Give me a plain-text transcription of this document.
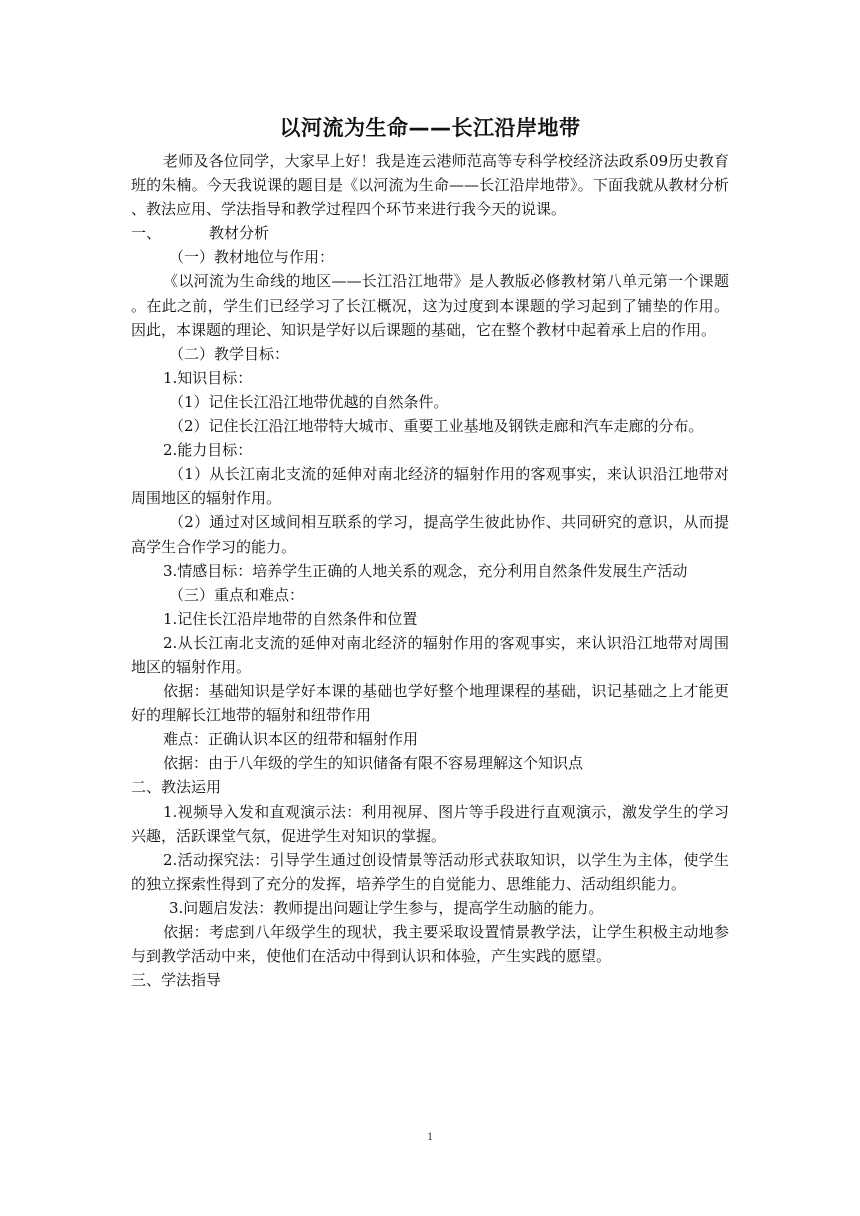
以河流为生命——长江沿岸地带

老师及各位同学，大家早上好！我是连云港师范高等专科学校经济法政系09历史教育班的朱楠。今天我说课的题目是《以河流为生命——长江沿岸地带》。下面我就从教材分析、教法应用、学法指导和教学过程四个环节来进行我今天的说课。

一、	教材分析

（一）教材地位与作用：

《以河流为生命线的地区——长江沿江地带》是人教版必修教材第八单元第一个课题。在此之前，学生们已经学习了长江概况，这为过度到本课题的学习起到了铺垫的作用。因此，本课题的理论、知识是学好以后课题的基础，它在整个教材中起着承上启的作用。

（二）教学目标：

1.知识目标：

（1）记住长江沿江地带优越的自然条件。

（2）记住长江沿江地带特大城市、重要工业基地及钢铁走廊和汽车走廊的分布。

2.能力目标：

（1）从长江南北支流的延伸对南北经济的辐射作用的客观事实，来认识沿江地带对周围地区的辐射作用。

（2）通过对区域间相互联系的学习，提高学生彼此协作、共同研究的意识，从而提高学生合作学习的能力。

3.情感目标：培养学生正确的人地关系的观念，充分利用自然条件发展生产活动

（三）重点和难点：

1.记住长江沿岸地带的自然条件和位置

2.从长江南北支流的延伸对南北经济的辐射作用的客观事实，来认识沿江地带对周围地区的辐射作用。

依据：基础知识是学好本课的基础也学好整个地理课程的基础，识记基础之上才能更好的理解长江地带的辐射和纽带作用

难点：正确认识本区的纽带和辐射作用

依据：由于八年级的学生的知识储备有限不容易理解这个知识点

二、教法运用

1.视频导入发和直观演示法：利用视屏、图片等手段进行直观演示，激发学生的学习兴趣，活跃课堂气氛，促进学生对知识的掌握。

2.活动探究法：引导学生通过创设情景等活动形式获取知识，以学生为主体，使学生的独立探索性得到了充分的发挥，培养学生的自觉能力、思维能力、活动组织能力。

3.问题启发法：教师提出问题让学生参与，提高学生动脑的能力。

依据：考虑到八年级学生的现状，我主要采取设置情景教学法，让学生积极主动地参与到教学活动中来，使他们在活动中得到认识和体验，产生实践的愿望。

三、学法指导

1
